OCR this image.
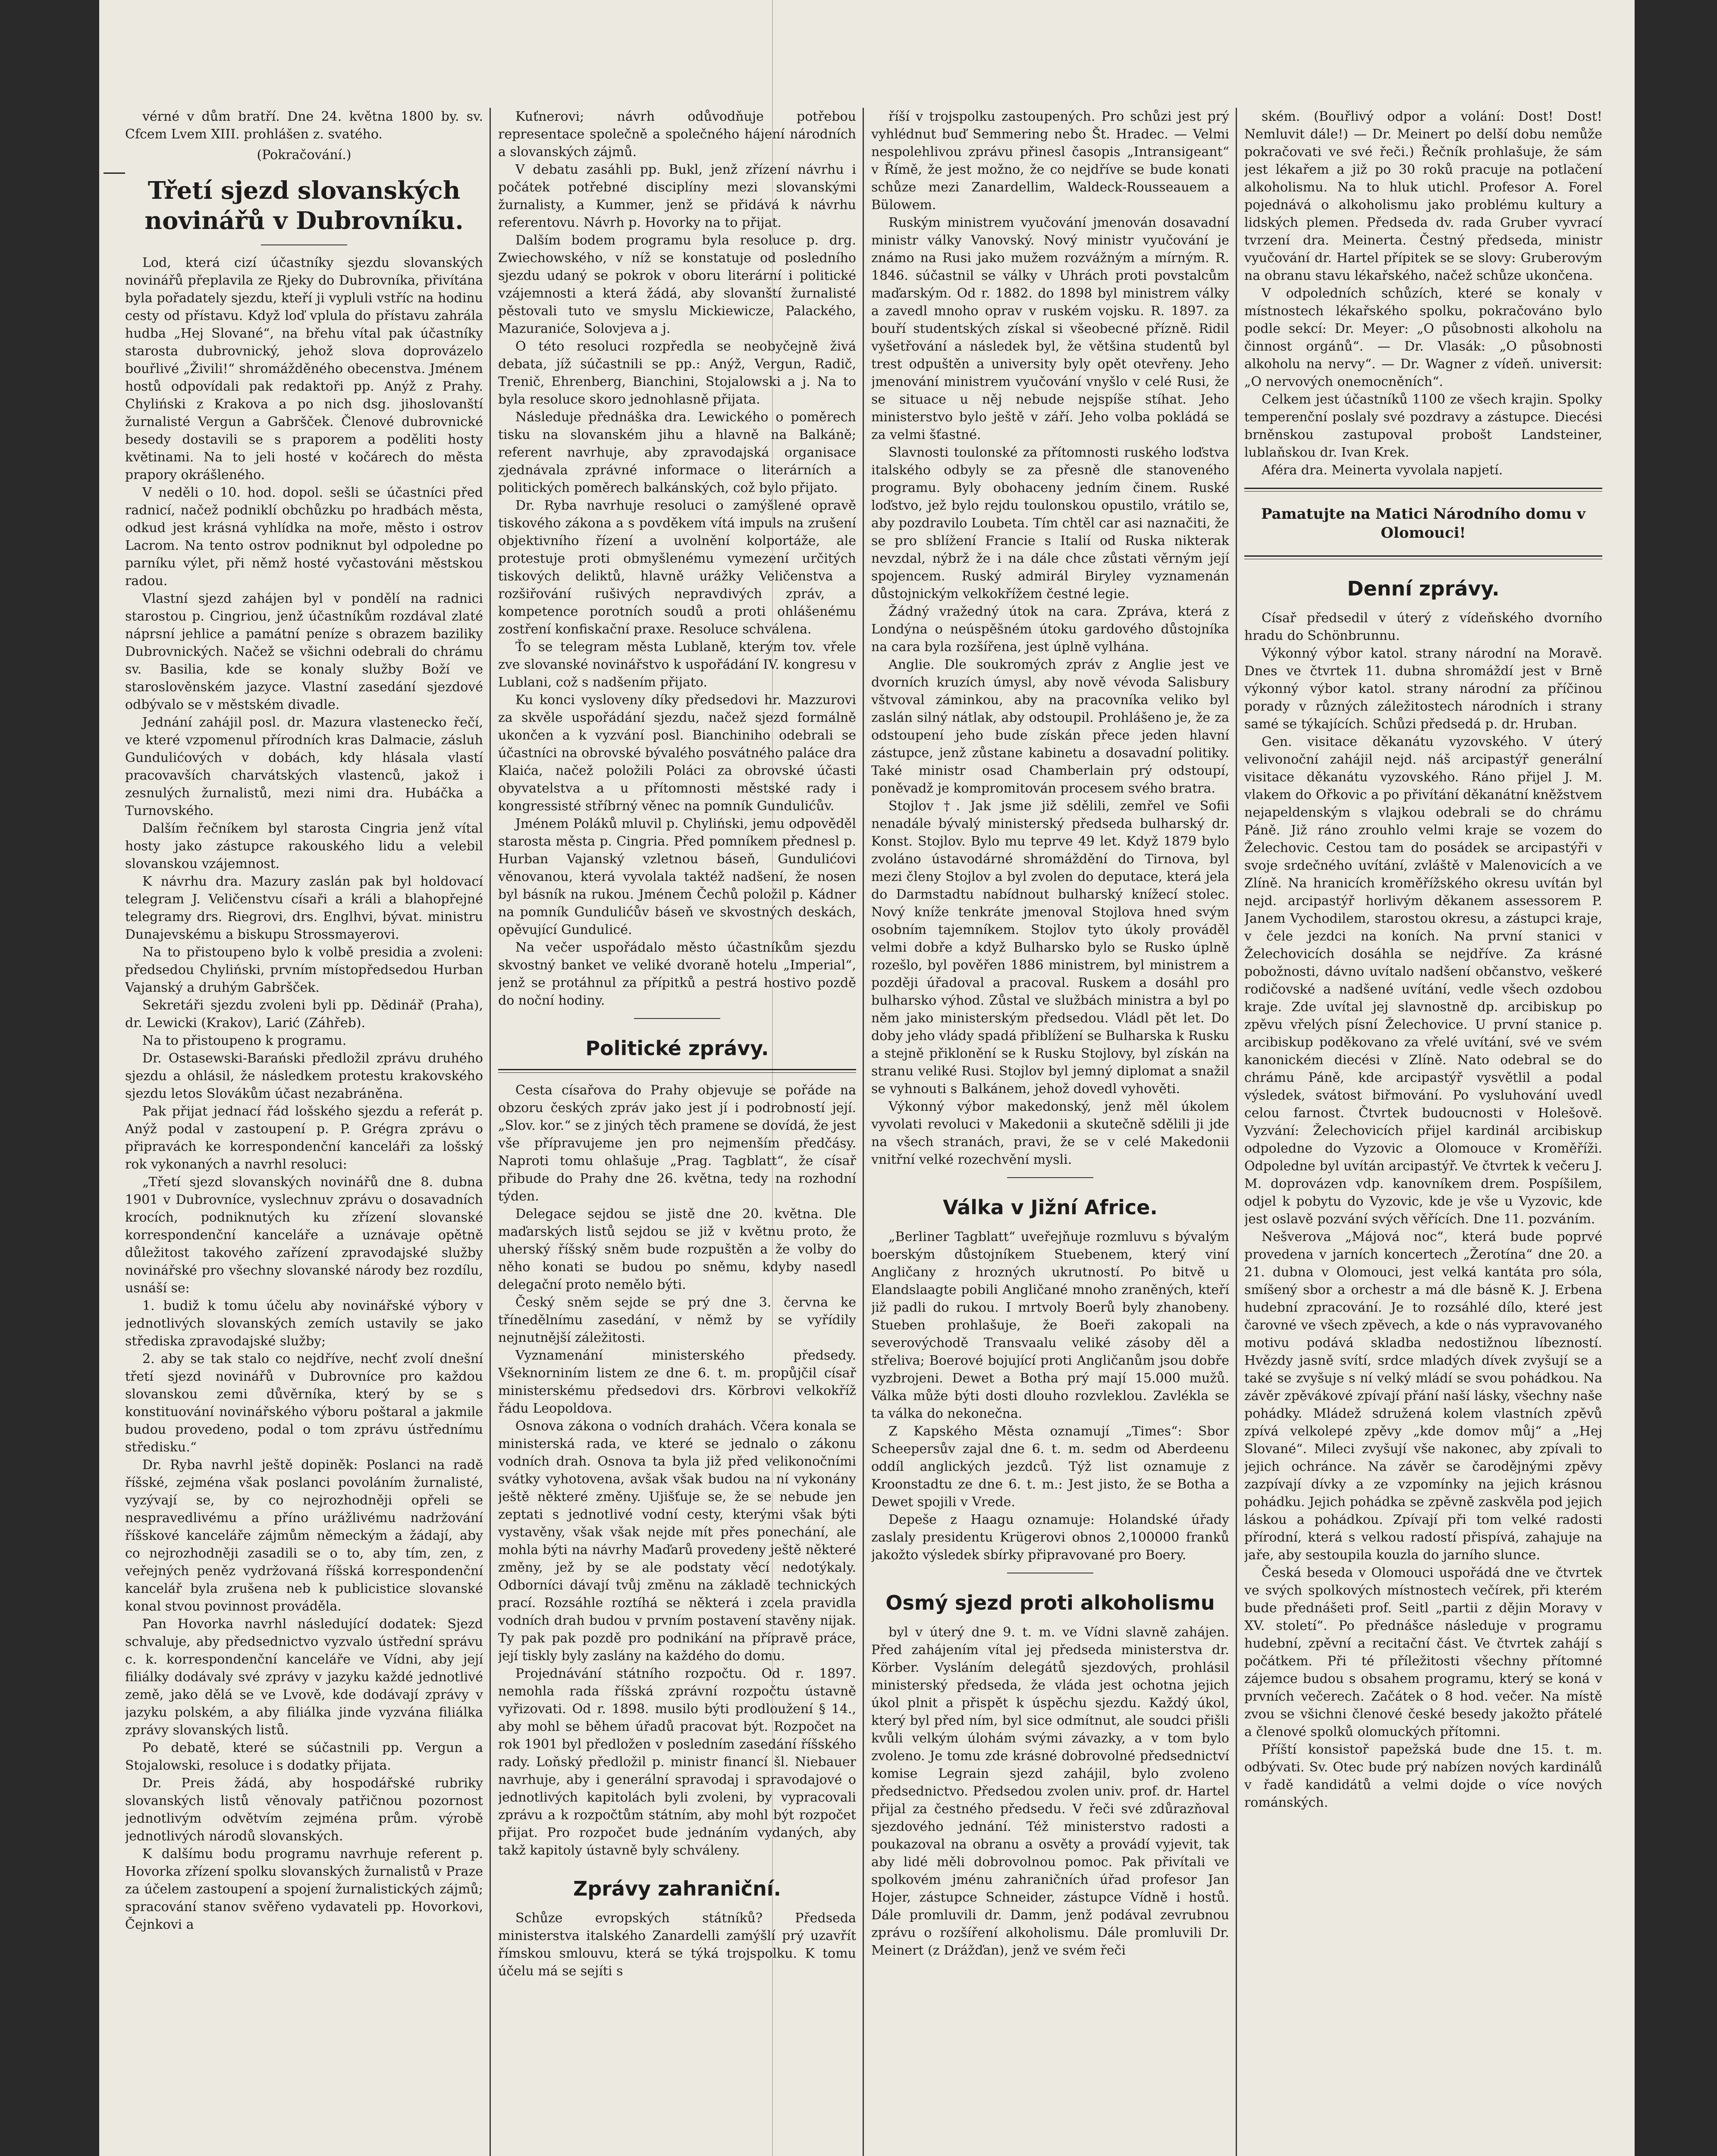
vérné v dům bratří. Dne 24. května 1800 by. sv. Cfcem Lvem XIII. prohlášen z. svatého.

(Pokračování.)
Třetí sjezd slovanských novinářů v Dubrovníku.

Lod, která cizí účastníky sjezdu slovanských novinářů přeplavila ze Rjeky do Dubrovníka, přivítána byla pořadately sjezdu, kteří ji vypluli vstříc na hodinu cesty od přístavu. Když loď vplula do přístavu zahrála hudba „Hej Slované“, na břehu vítal pak účastníky starosta dubrovnický, jehož slova doprovázelo bouřlivé „Živili!“ shromážděného obecenstva. Jménem hostů odpovídali pak redaktoři pp. Anýž z Prahy. Chyliński z Krakova a po nich dsg. jihoslovanští žurnalisté Vergun a Gabršček. Členové dubrovnické besedy dostavili se s praporem a poděliti hosty květinami. Na to jeli hosté v kočárech do města prapory okrášleného.

V neděli o 10. hod. dopol. sešli se účastníci před radnicí, načež podniklí obchůzku po hradbách města, odkud jest krásná vyhlídka na moře, město i ostrov Lacrom. Na tento ostrov podniknut byl odpoledne po parníku výlet, při němž hosté vyčastováni městskou radou.

Vlastní sjezd zahájen byl v pondělí na radnici starostou p. Cingriou, jenž účastníkům rozdával zlaté náprsní jehlice a památní peníze s obrazem baziliky Dubrovnických. Načež se všichni odebrali do chrámu sv. Basilia, kde se konaly služby Boží ve staroslověnském jazyce. Vlastní zasedání sjezdové odbývalo se v městském divadle.

Jednání zahájil posl. dr. Mazura vlastenecko řečí, ve které vzpomenul přírodních kras Dalmacie, zásluh Gundulićových v dobách, kdy hlásala vlastí pracovavších charvátských vlastenců, jakož i zesnulých žurnalistů, mezi nimi dra. Hubáčka a Turnovského.

Dalším řečníkem byl starosta Cingria jenž vítal hosty jako zástupce rakouského lidu a velebil slovanskou vzájemnost.

K návrhu dra. Mazury zaslán pak byl holdovací telegram J. Veličenstvu císaři a králi a blahopřejné telegramy drs. Riegrovi, drs. Englhvi, bývat. ministru Dunajevskému a biskupu Strossmayerovi.

Na to přistoupeno bylo k volbě presidia a zvoleni: předsedou Chyliński, prvním místopředsedou Hurban Vajanský a druhým Gabršček.

Sekretáři sjezdu zvoleni byli pp. Dědinář (Praha), dr. Lewicki (Krakov), Larić (Záhřeb).

Na to přistoupeno k programu.

Dr. Ostasewski-Barański předložil zprávu druhého sjezdu a ohlásil, že následkem protestu krakovského sjezdu letos Slovákům účast nezabráněna.

Pak přijat jednací řád lošského sjezdu a referát p. Anýž podal v zastoupení p. P. Grégra zprávu o připravách ke korrespondenční kanceláři za lošský rok vykonaných a navrhl resoluci:

„Třetí sjezd slovanských novinářů dne 8. dubna 1901 v Dubrovníce, vyslechnuv zprávu o dosavadních krocích, podniknutých ku zřízení slovanské korrespondenční kanceláře a uznávaje opětně důležitost takového zařízení zpravodajské služby novinářské pro všechny slovanské národy bez rozdílu, usnáší se:

1. budiž k tomu účelu aby novinářské výbory v jednotlivých slovanských zemích ustavily se jako střediska zpravodajské služby;

2. aby se tak stalo co nejdříve, nechť zvolí dnešní třetí sjezd novinářů v Dubrovníce pro každou slovanskou zemi důvěrníka, který by se s konstituování novinářského výboru poštaral a jakmile budou provedeno, podal o tom zprávu ústřednímu středisku.“

Dr. Ryba navrhl ještě dopiněk: Poslanci na radě říšské, zejména však poslanci povoláním žurnalisté, vyzývají se, by co nejrozhodněji opřeli se nespravedlivému a příno urážlivému nadržování říšskové kanceláře zájmům německým a žádají, aby co nejrozhodněji zasadili se o to, aby tím, zen, z veřejných peněz vydržovaná říšská korrespondenční kancelář byla zrušena neb k publicistice slovanské konal stvou povinnost prováděla.

Pan Hovorka navrhl následující dodatek: Sjezd schvaluje, aby předsednictvo vyzvalo ústřední správu c. k. korrespondenční kanceláře ve Vídni, aby její filiálky dodávaly své zprávy v jazyku každé jednotlivé země, jako dělá se ve Lvově, kde dodávají zprávy v jazyku polském, a aby filiálka jinde vyzvána filiálka zprávy slovanských listů.

Po debatě, které se súčastnili pp. Vergun a Stojalowski, resoluce i s dodatky přijata.

Dr. Preis žádá, aby hospodářské rubriky slovanských listů věnovaly patřičnou pozornost jednotlivým odvětvím zejména prům. výrobě jednotlivých národů slovanských.

K dalšímu bodu programu navrhuje referent p. Hovorka zřízení spolku slovanských žurnalistů v Praze za účelem zastoupení a spojení žurnalistických zájmů; spracování stanov svěřeno vydavateli pp. Hovorkovi, Čejnkovi a

Kuťnerovi; návrh odůvodňuje potřebou representace společně a společného hájení národních a slovanských zájmů.

V debatu zasáhli pp. Bukl, jenž zřízení návrhu i počátek potřebné disciplíny mezi slovanskými žurnalisty, a Kummer, jenž se přidává k návrhu referentovu. Návrh p. Hovorky na to přijat.

Dalším bodem programu byla resoluce p. drg. Zwiechowského, v níž se konstatuje od posledního sjezdu udaný se pokrok v oboru literární i politické vzájemnosti a která žádá, aby slovanští žurnalisté pěstovali tuto ve smyslu Mickiewicze, Palackého, Mazuraniće, Solovjeva a j.

O této resoluci rozpředla se neobyčejně živá debata, jíž súčastnili se pp.: Anýž, Vergun, Radič, Trenič, Ehrenberg, Bianchini, Stojalowski a j. Na to byla resoluce skoro jednohlasně přijata.

Následuje přednáška dra. Lewického o poměrech tisku na slovanském jihu a hlavně na Balkáně; referent navrhuje, aby zpravodajská organisace zjednávala zprávné informace o literárních a politických poměrech balkánských, což bylo přijato.

Dr. Ryba navrhuje resoluci o zamýšlené opravě tiskového zákona a s povděkem vítá impuls na zrušení objektivního řízení a uvolnění kolportáže, ale protestuje proti obmyšlenému vymezení určitých tiskových deliktů, hlavně urážky Veličenstva a rozšiřování rušivých nepravdivých zpráv, a kompetence porotních soudů a proti ohlášenému zostření konfiskační praxe. Resoluce schválena.

Ťo se telegram města Lublaně, kterým tov. vřele zve slovanské novinářstvo k uspořádání IV. kongresu v Lublani, což s nadšením přijato.

Ku konci vysloveny díky předsedovi hr. Mazzurovi za skvěle uspořádání sjezdu, načež sjezd formálně ukončen a k vyzvání posl. Bianchiniho odebrali se účastníci na obrovské bývalého posvátného paláce dra Klaića, načež položili Poláci za obrovské účasti obyvatelstva a u přítomnosti městské rady i kongressisté stříbrný věnec na pomník Gundulićův.

Jménem Poláků mluvil p. Chyliński, jemu odpověděl starosta města p. Cingria. Před pomníkem přednesl p. Hurban Vajanský vzletnou báseň, Gundulićovi věnovanou, která vyvolala taktéž nadšení, že nosen byl básník na rukou. Jménem Čechů položil p. Kádner na pomník Gundulićův báseň ve skvostných deskách, opěvující Gundulicé.

Na večer uspořádalo město účastníkům sjezdu skvostný banket ve veliké dvoraně hotelu „Imperial“, jenž se protáhnul za přípitků a pestrá hostivo pozdě do noční hodiny.

Politické zprávy.

Cesta císařova do Prahy objevuje se pořáde na obzoru českých zpráv jako jest jí i podrobností její. „Slov. kor.“ se z jiných těch pramene se dovídá, že jest vše přípravujeme jen pro nejmenším předčásy. Naproti tomu ohlašuje „Prag. Tagblatt“, že císař přibude do Prahy dne 26. května, tedy na rozhodní týden.

Delegace sejdou se jistě dne 20. května. Dle maďarských listů sejdou se již v květnu proto, že uherský říšský sněm bude rozpuštěn a že volby do něho konati se budou po sněmu, kdyby nasedl delegační proto nemělo býti.

Český sněm sejde se prý dne 3. června ke třínedělnímu zasedání, v němž by se vyřídily nejnutnější záležitosti.

Vyznamenání ministerského předsedy. Všeknorniním listem ze dne 6. t. m. propůjčil císař ministerskému předsedovi drs. Körbrovi velkokříž řádu Leopoldova.

Osnova zákona o vodních drahách. Včera konala se ministerská rada, ve které se jednalo o zákonu vodních drah. Osnova ta byla již před velikonočními svátky vyhotovena, avšak však budou na ní vykonány ještě některé změny. Ujišťuje se, že se nebude jen zeptati s jednotlivé vodní cesty, kterými však býti vystavěny, však však nejde mít přes ponechání, ale mohla býti na návrhy Maďarů provedeny ještě některé změny, jež by se ale podstaty věcí nedotýkaly. Odborníci dávají tvůj změnu na základě technických prací. Rozsáhle roztíhá se některá i zcela pravidla vodních drah budou v prvním postavení stavěny nijak. Ty pak pak pozdě pro podnikání na přípravě práce, její tiskly byly zaslány na každého do domu.

Projednávání státního rozpočtu. Od r. 1897. nemohla rada říšská zprávní rozpočtu ústavně vyřizovati. Od r. 1898. musilo býti prodloužení § 14., aby mohl se během úřadů pracovat být. Rozpočet na rok 1901 byl předložen v posledním zasedání říšského rady. Loňský předložil p. ministr financí šl. Niebauer navrhuje, aby i generální spravodaj i spravodajové o jednotlivých kapitolách byli zvoleni, by vypracovali zprávu a k rozpočtům státním, aby mohl být rozpočet přijat. Pro rozpočet bude jednáním vydaných, aby takž kapitoly ústavně byly schváleny.

Zprávy zahraniční.

Schůze evropských státníků? Předseda ministerstva italského Zanardelli zamýšlí prý uzavřít římskou smlouvu, která se týká trojspolku. K tomu účelu má se sejíti s

říší v trojspolku zastoupených. Pro schůzi jest prý vyhlédnut buď Semmering nebo Št. Hradec. — Velmi nespolehlivou zprávu přinesl časopis „Intransigeant“ v Římě, že jest možno, že co nejdříve se bude konati schůze mezi Zanardellim, Waldeck-Rousseauem a Bülowem.

Ruským ministrem vyučování jmenován dosavadní ministr války Vanovský. Nový ministr vyučování je známo na Rusi jako mužem rozvážným a mírným. R. 1846. súčastnil se války v Uhrách proti povstalcům maďarským. Od r. 1882. do 1898 byl ministrem války a zavedl mnoho oprav v ruském vojsku. R. 1897. za bouří studentských získal si všeobecné přízně. Ridil vyšetřování a následek byl, že většina studentů byl trest odpuštěn a university byly opět otevřeny. Jeho jmenování ministrem vyučování vnyšlo v celé Rusi, že se situace u něj nebude nejspíše stíhat. Jeho ministerstvo bylo ještě v září. Jeho volba pokládá se za velmi šťastné.

Slavnosti toulonské za přítomnosti ruského loďstva italského odbyly se za přesně dle stanoveného programu. Byly obohaceny jedním činem. Ruské loďstvo, jež bylo rejdu toulonskou opustilo, vrátilo se, aby pozdravilo Loubeta. Tím chtěl car asi naznačiti, že se pro sblížení Francie s Italií od Ruska nikterak nevzdal, nýbrž že i na dále chce zůstati věrným její spojencem. Ruský admirál Biryley vyznamenán důstojnickým velkokřížem čestné legie.

Žádný vražedný útok na cara. Zpráva, která z Londýna o neúspěšném útoku gardového důstojníka na cara byla rozšířena, jest úplně vylhána.

Anglie. Dle soukromých zpráv z Anglie jest ve dvorních kruzích úmysl, aby nově vévoda Salisbury vštvoval záminkou, aby na pracovníka veliko byl zaslán silný nátlak, aby odstoupil. Prohlášeno je, že za odstoupení jeho bude získán přece jeden hlavní zástupce, jenž zůstane kabinetu a dosavadní politiky. Také ministr osad Chamberlain prý odstoupí, poněvadž je kompromitován procesem svého bratra.

Stojlov †. Jak jsme již sdělili, zemřel ve Sofii nenadále bývalý ministerský předseda bulharský dr. Konst. Stojlov. Bylo mu teprve 49 let. Když 1879 bylo zvoláno ústavodárné shromáždění do Tirnova, byl mezi členy Stojlov a byl zvolen do deputace, která jela do Darmstadtu nabídnout bulharský knížecí stolec. Nový kníže tenkráte jmenoval Stojlova hned svým osobním tajemníkem. Stojlov tyto úkoly prováděl velmi dobře a když Bulharsko bylo se Rusko úplně rozešlo, byl pověřen 1886 ministrem, byl ministrem a později úřadoval a pracoval. Ruskem a dosáhl pro bulharsko výhod. Zůstal ve službách ministra a byl po něm jako ministerským předsedou. Vládl pět let. Do doby jeho vlády spadá přiblížení se Bulharska k Rusku a stejně přiklonění se k Rusku Stojlovy, byl získán na stranu veliké Rusi. Stojlov byl jemný diplomat a snažil se vyhnouti s Balkánem, jehož dovedl vyhověti.

Výkonný výbor makedonský, jenž měl úkolem vyvolati revoluci v Makedonii a skutečně sdělili ji jde na všech stranách, pravi, že se v celé Makedonii vnitřní velké rozechvění mysli.

Válka v Jižní Africe.

„Berliner Tagblatt“ uveřejňuje rozmluvu s bývalým boerským důstojníkem Stuebenem, který viní Angličany z hrozných ukrutností. Po bitvě u Elandslaagte pobili Angličané mnoho zraněných, kteří již padli do rukou. I mrtvoly Boerů byly zhanobeny. Stueben prohlašuje, že Boeři zakopali na severovýchodě Transvaalu veliké zásoby děl a střeliva; Boerové bojující proti Angličanům jsou dobře vyzbrojeni. Dewet a Botha prý mají 15.000 mužů. Válka může býti dosti dlouho rozvleklou. Zavlékla se ta válka do nekonečna.

Z Kapského Města oznamují „Times“: Sbor Scheepersův zajal dne 6. t. m. sedm od Aberdeenu oddíl anglických jezdců. Týž list oznamuje z Kroonstadtu ze dne 6. t. m.: Jest jisto, že se Botha a Dewet spojili v Vrede.

Depeše z Haagu oznamuje: Holandské úřady zaslaly presidentu Krügerovi obnos 2,100000 franků jakožto výsledek sbírky připravované pro Boery.

Osmý sjezd proti alkoholismu

byl v úterý dne 9. t. m. ve Vídni slavně zahájen. Před zahájením vítal jej předseda ministerstva dr. Körber. Vysláním delegátů sjezdových, prohlásil ministerský předseda, že vláda jest ochotna jejich úkol plnit a přispět k úspěchu sjezdu. Každý úkol, který byl před ním, byl sice odmítnut, ale soudci přišli kvůli velkým úlohám svými závazky, a v tom bylo zvoleno. Je tomu zde krásné dobrovolné předsednictví komise Legrain sjezd zahájil, bylo zvoleno předsednictvo. Předsedou zvolen univ. prof. dr. Hartel přijal za čestného předsedu. V řeči své zdůrazňoval sjezdového jednání. Též ministerstvo radosti a poukazoval na obranu a osvěty a provádí vyjevit, tak aby lidé měli dobrovolnou pomoc. Pak přivítali ve spolkovém jménu zahraničních úřad profesor Jan Hojer, zástupce Schneider, zástupce Vídně i hostů. Dále promluvili dr. Damm, jenž podával zevrubnou zprávu o rozšíření alkoholismu. Dále promluvili Dr. Meinert (z Drážďan), jenž ve svém řeči

ském. (Bouřlivý odpor a volání: Dost! Dost! Nemluvit dále!) — Dr. Meinert po delší dobu nemůže pokračovati ve své řeči.) Řečník prohlašuje, že sám jest lékařem a již po 30 roků pracuje na potlačení alkoholismu. Na to hluk utichl. Profesor A. Forel pojednává o alkoholismu jako problému kultury a lidských plemen. Předseda dv. rada Gruber vyvrací tvrzení dra. Meinerta. Čestný předseda, ministr vyučování dr. Hartel přípitek se se slovy: Gruberovým na obranu stavu lékařského, načež schůze ukončena.

V odpoledních schůzích, které se konaly v místnostech lékařského spolku, pokračováno bylo podle sekcí: Dr. Meyer: „O působnosti alkoholu na činnost orgánů“. — Dr. Vlasák: „O působnosti alkoholu na nervy“. — Dr. Wagner z vídeň. universit: „O nervových onemocněních“.

Celkem jest účastníků 1100 ze všech krajin. Spolky temperenční poslaly své pozdravy a zástupce. Diecési brněnskou zastupoval probošt Landsteiner, lublaňskou dr. Ivan Krek.

Aféra dra. Meinerta vyvolala napjetí.

Pamatujte na Matici Národního domu v Olomouci!
Denní zprávy.

Císař předsedil v úterý z vídeňského dvorního hradu do Schönbrunnu.

Výkonný výbor katol. strany národní na Moravě. Dnes ve čtvrtek 11. dubna shromáždí jest v Brně výkonný výbor katol. strany národní za příčinou porady v různých záležitostech národních i strany samé se týkajících. Schůzi předsedá p. dr. Hruban.

Gen. visitace děkanátu vyzovského. V úterý velivonoční zahájil nejd. náš arcipastýř generální visitace děkanátu vyzovského. Ráno přijel J. M. vlakem do Ořkovic a po přivítání děkanátní kněžstvem nejapeldenským s vlajkou odebrali se do chrámu Páně. Již ráno zrouhlo velmi kraje se vozem do Želechovic. Cestou tam do posádek se arcipastýři v svoje srdečného uvítání, zvláště v Malenovicích a ve Zlíně. Na hranicích kroměřížského okresu uvítán byl nejd. arcipastýř horlivým děkanem assessorem P. Janem Vychodilem, starostou okresu, a zástupci kraje, v čele jezdci na koních. Na první stanici v Želechovicích dosáhla se nejdříve. Za krásné pobožnosti, dávno uvítalo nadšení občanstvo, veškeré rodičovské a nadšené uvítání, vedle všech ozdobou kraje. Zde uvítal jej slavnostně dp. arcibiskup po zpěvu vřelých písní Želechovice. U první stanice p. arcibiskup poděkovano za vřelé uvítání, své ve svém kanonickém diecési v Zlíně. Nato odebral se do chrámu Páně, kde arcipastýř vysvětlil a podal výsledek, svátost biřmování. Po vysluhování uvedl celou farnost. Čtvrtek budoucnosti v Holešově. Vyzvání: Želechovicích přijel kardinál arcibiskup odpoledne do Vyzovic a Olomouce v Kroměříži. Odpoledne byl uvítán arcipastýř. Ve čtvrtek k večeru J. M. doprovázen vdp. kanovníkem drem. Pospíšilem, odjel k pobytu do Vyzovic, kde je vše u Vyzovic, kde jest oslavě pozvání svých věřících. Dne 11. pozváním.

Nešverova „Májová noc“, která bude poprvé provedena v jarních koncertech „Žerotína“ dne 20. a 21. dubna v Olomouci, jest velká kantáta pro sóla, smíšený sbor a orchestr a má dle básně K. J. Erbena hudební zpracování. Je to rozsáhlé dílo, které jest čarovné ve všech zpěvech, a kde o nás vypravovaného motivu podává skladba nedostižnou líbezností. Hvězdy jasně svítí, srdce mladých dívek zvyšují se a také se zvyšuje s ní velký mládí se svou pohádkou. Na závěr zpěvákové zpívají přání naší lásky, všechny naše pohádky. Mládež sdružená kolem vlastních zpěvů zpívá velkolepé zpěvy „kde domov můj“ a „Hej Slované“. Mileci zvyšují vše nakonec, aby zpívali to jejich ochránce. Na závěr se čarodějnými zpěvy zazpívají dívky a ze vzpomínky na jejich krásnou pohádku. Jejich pohádka se zpěvně zaskvěla pod jejich láskou a pohádkou. Zpívají při tom velké radosti přírodní, která s velkou radostí přispívá, zahajuje na jaře, aby sestoupila kouzla do jarního slunce.

Česká beseda v Olomouci uspořádá dne ve čtvrtek ve svých spolkových místnostech večírek, při kterém bude přednášeti prof. Seitl „partii z dějin Moravy v XV. století“. Po přednášce následuje v programu hudební, zpěvní a recitační část. Ve čtvrtek zahájí s počátkem. Při té příležitosti všechny přítomné zájemce budou s obsahem programu, který se koná v prvních večerech. Začátek o 8 hod. večer. Na místě zvou se všichni členové české besedy jakožto přátelé a členové spolků olomuckých přítomni.

Příští konsistoř papežská bude dne 15. t. m. odbývati. Sv. Otec bude prý nabízen nových kardinálů v řadě kandidátů a velmi dojde o více nových románských.
